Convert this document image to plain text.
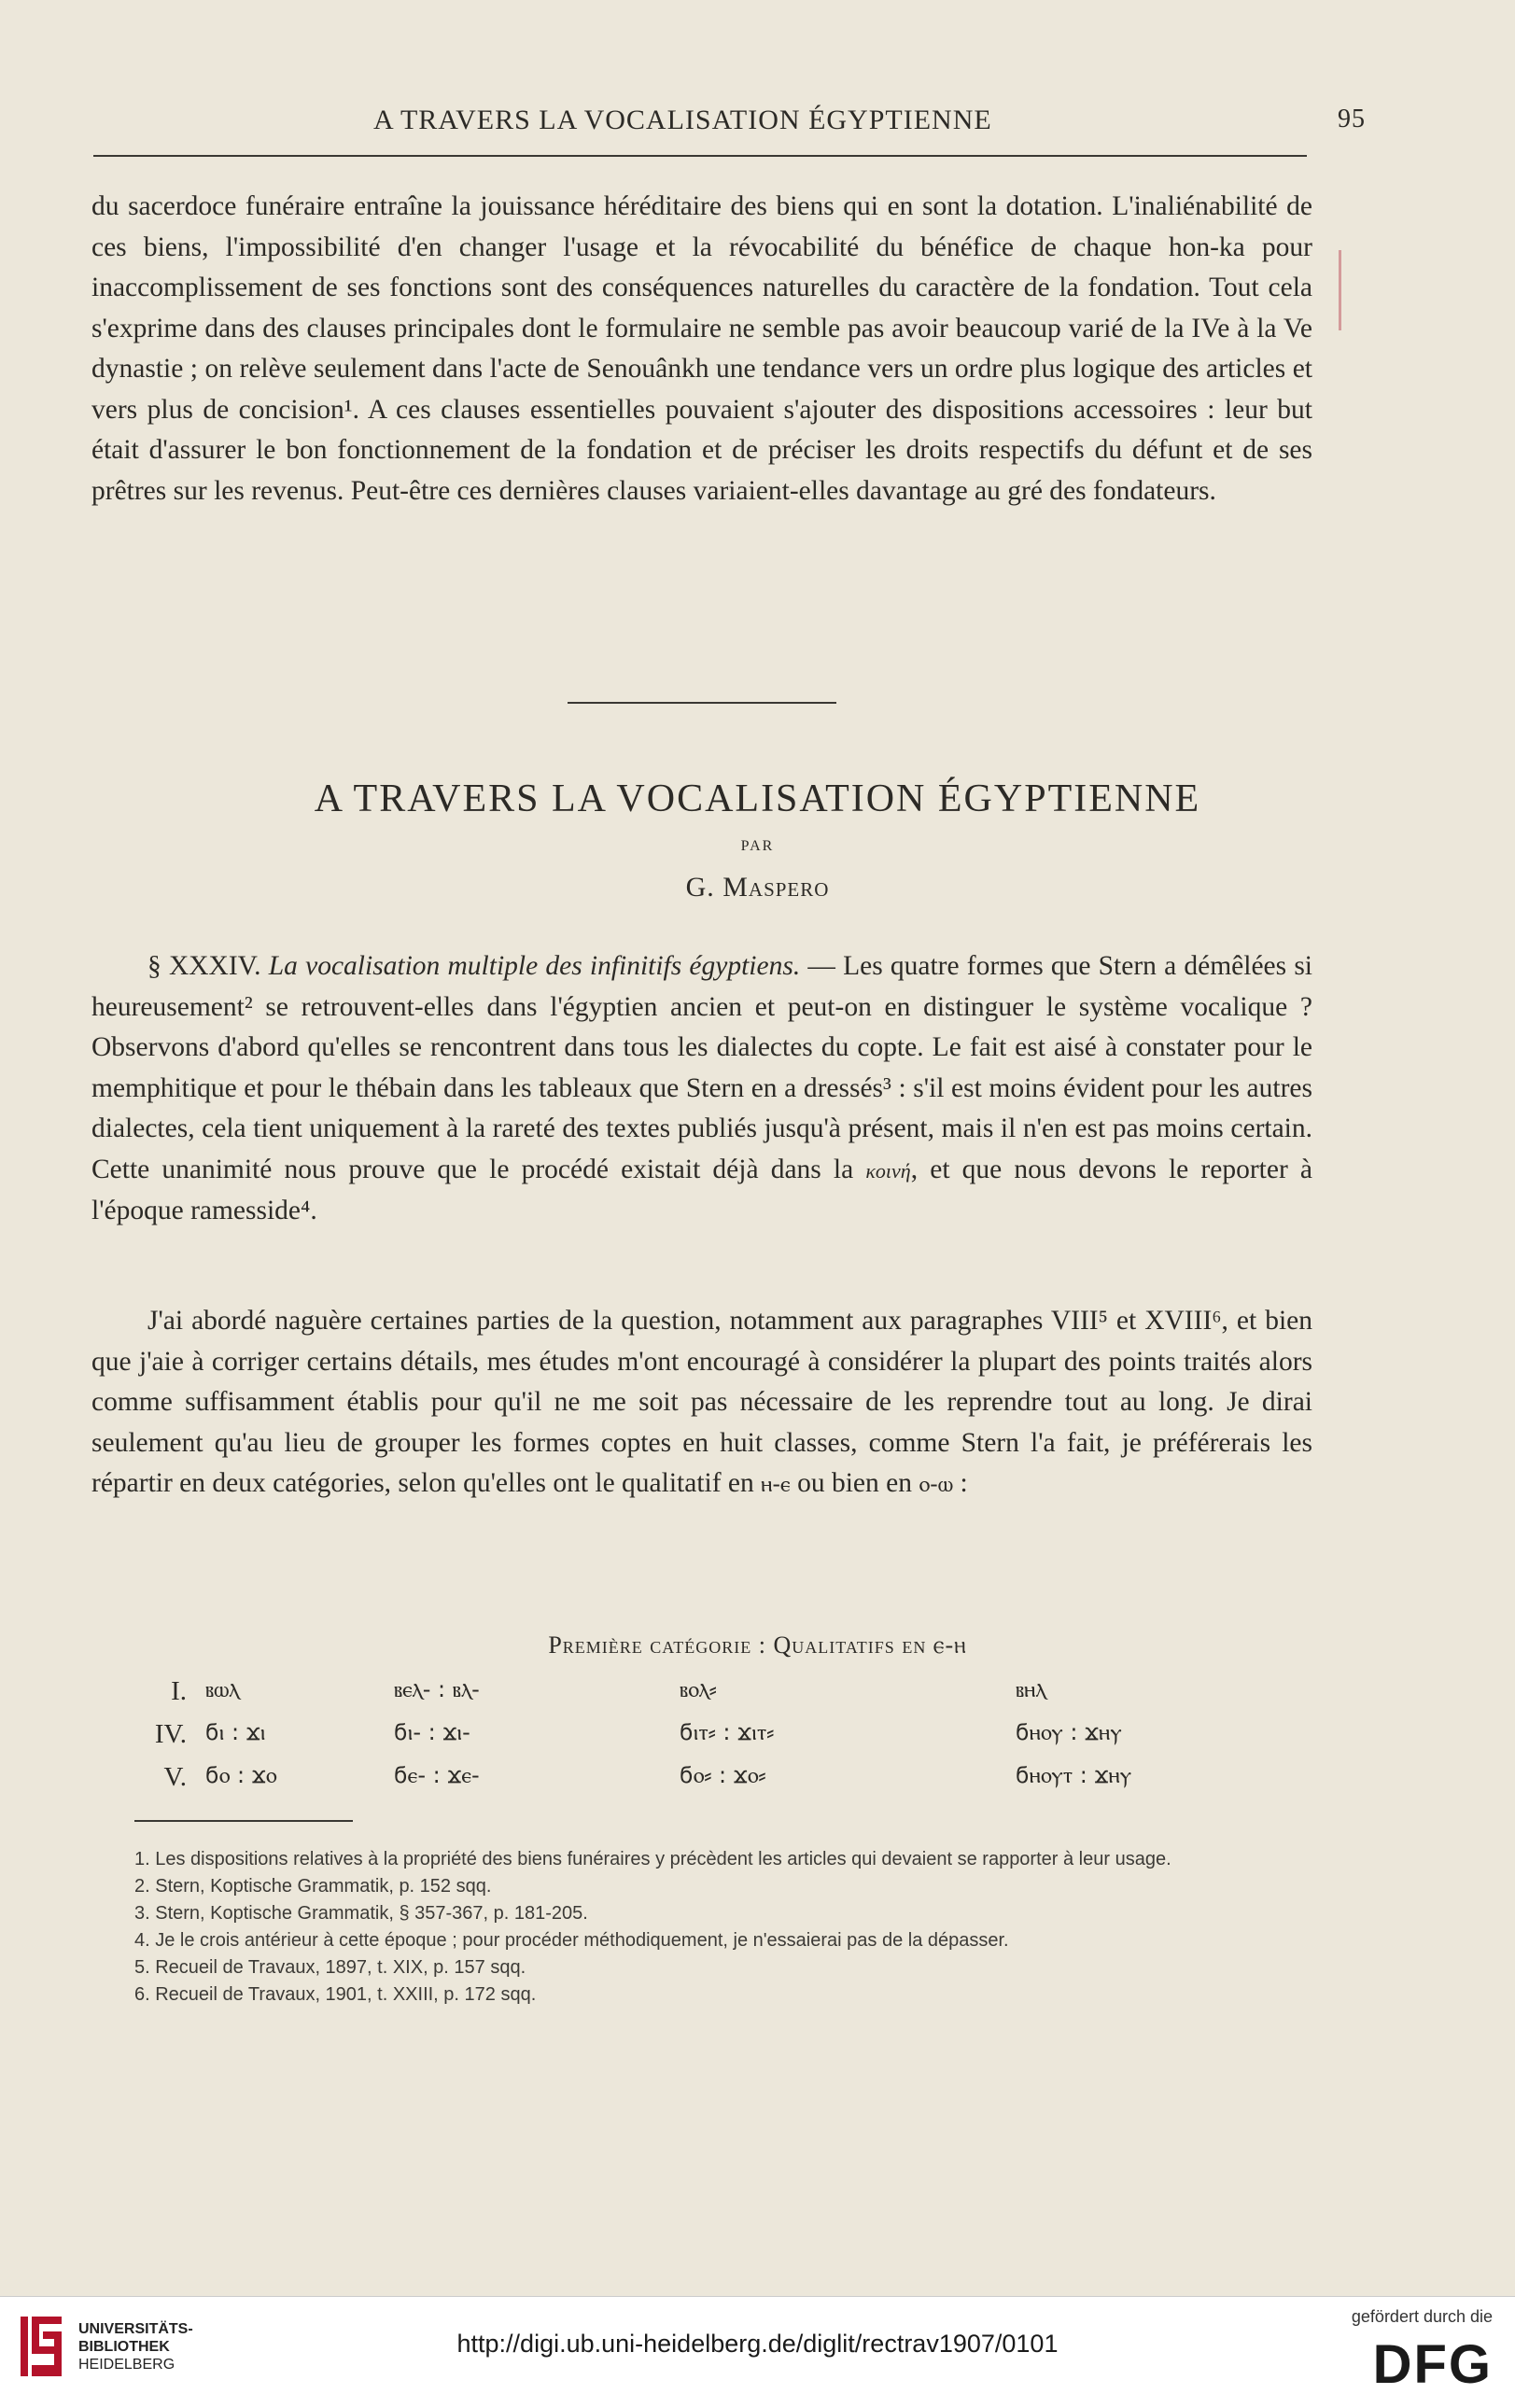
A TRAVERS LA VOCALISATION ÉGYPTIENNE	95

du sacerdoce funéraire entraîne la jouissance héréditaire des biens qui en sont la dotation. L'inaliénabilité de ces biens, l'impossibilité d'en changer l'usage et la révocabilité du bénéfice de chaque hon-ka pour inaccomplissement de ses fonctions sont des conséquences naturelles du caractère de la fondation. Tout cela s'exprime dans des clauses principales dont le formulaire ne semble pas avoir beaucoup varié de la IVe à la Ve dynastie ; on relève seulement dans l'acte de Senouânkh une tendance vers un ordre plus logique des articles et vers plus de concision¹. A ces clauses essentielles pouvaient s'ajouter des dispositions accessoires : leur but était d'assurer le bon fonctionnement de la fondation et de préciser les droits respectifs du défunt et de ses prêtres sur les revenus. Peut-être ces dernières clauses variaient-elles davantage au gré des fondateurs.

A TRAVERS LA VOCALISATION ÉGYPTIENNE
PAR
G. Maspero

§ XXXIV. La vocalisation multiple des infinitifs égyptiens. — Les quatre formes que Stern a démêlées si heureusement² se retrouvent-elles dans l'égyptien ancien et peut-on en distinguer le système vocalique ? Observons d'abord qu'elles se rencontrent dans tous les dialectes du copte. Le fait est aisé à constater pour le memphitique et pour le thébain dans les tableaux que Stern en a dressés³ : s'il est moins évident pour les autres dialectes, cela tient uniquement à la rareté des textes publiés jusqu'à présent, mais il n'en est pas moins certain. Cette unanimité nous prouve que le procédé existait déjà dans la κοινή, et que nous devons le reporter à l'époque ramesside⁴.

J'ai abordé naguère certaines parties de la question, notamment aux paragraphes VIII⁵ et XVIII⁶, et bien que j'aie à corriger certains détails, mes études m'ont encouragé à considérer la plupart des points traités alors comme suffisamment établis pour qu'il ne me soit pas nécessaire de les reprendre tout au long. Je dirai seulement qu'au lieu de grouper les formes coptes en huit classes, comme Stern l'a fait, je préférerais les répartir en deux catégories, selon qu'elles ont le qualitatif en ⲏ-ⲉ ou bien en ⲟ-ⲱ :

Première catégorie : Qualitatifs en ⲉ-ⲏ
I. ⲃⲱⲗ	ⲃⲉⲗ- : ⲃⲗ-	ⲃⲟⲗ⸗	ⲃⲏⲗ
IV. ϭⲓ : ϫⲓ	ϭⲓ- : ϫⲓ-	ϭⲓⲧ⸗ : ϫⲓⲧ⸗	ϭⲏⲟⲩ : ϫⲏⲩ
V. ϭⲟ : ϫⲟ	ϭⲉ- : ϫⲉ-	ϭⲟ⸗ : ϫⲟ⸗	ϭⲏⲟⲩⲧ : ϫⲏⲩ

1. Les dispositions relatives à la propriété des biens funéraires y précèdent les articles qui devaient se rapporter à leur usage.

2. Stern, Koptische Grammatik, p. 152 sqq.

3. Stern, Koptische Grammatik, § 357-367, p. 181-205.

4. Je le crois antérieur à cette époque ; pour procéder méthodiquement, je n'essaierai pas de la dépasser.

5. Recueil de Travaux, 1897, t. XIX, p. 157 sqq.

6. Recueil de Travaux, 1901, t. XXIII, p. 172 sqq.

UNIVERSITÄTS-
BIBLIOTHEK
HEIDELBERG
http://digi.ub.uni-heidelberg.de/diglit/rectrav1907/0101
gefördert durch die
DFG
